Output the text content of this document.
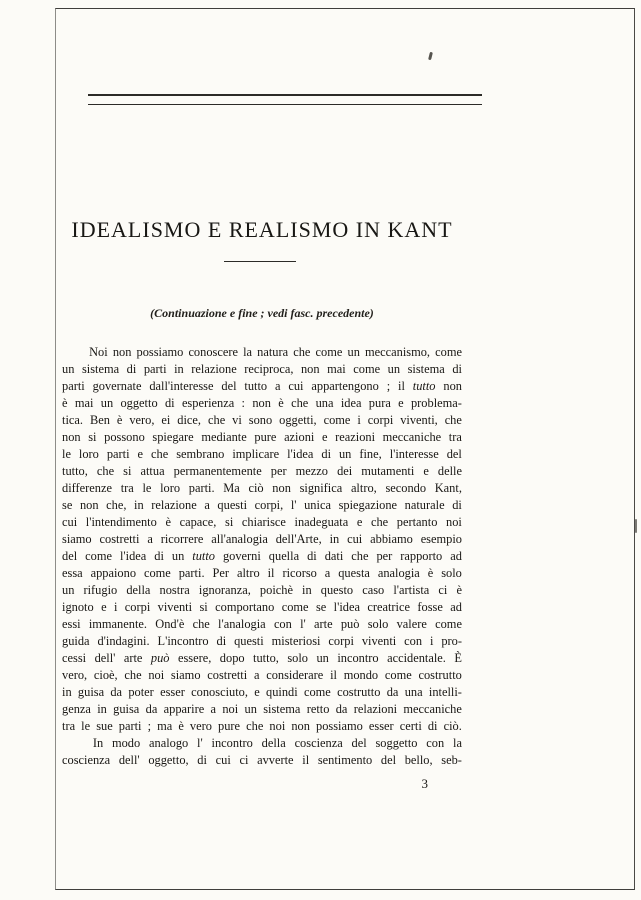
IDEALISMO E REALISMO IN KANT
(Continuazione e fine ; vedi fasc. precedente)
Noi non possiamo conoscere la natura che come un meccanismo, come
un sistema di parti in relazione reciproca, non mai come un sistema di
parti governate dall'interesse del tutto a cui appartengono ; il tutto non
è mai un oggetto di esperienza : non è che una idea pura e problema-
tica. Ben è vero, ei dice, che vi sono oggetti, come i corpi viventi, che
non si possono spiegare mediante pure azioni e reazioni meccaniche tra
le loro parti e che sembrano implicare l'idea di un fine, l'interesse del
tutto, che si attua permanentemente per mezzo dei mutamenti e delle
differenze tra le loro parti. Ma ciò non significa altro, secondo Kant,
se non che, in relazione a questi corpi, l' unica spiegazione naturale di
cui l'intendimento è capace, si chiarisce inadeguata e che pertanto noi
siamo costretti a ricorrere all'analogia dell'Arte, in cui abbiamo esempio
del come l'idea di un tutto governi quella di dati che per rapporto ad
essa appaiono come parti. Per altro il ricorso a questa analogia è solo
un rifugio della nostra ignoranza, poichè in questo caso l'artista ci è
ignoto e i corpi viventi si comportano come se l'idea creatrice fosse ad
essi immanente. Ond'è che l'analogia con l' arte può solo valere come
guida d'indagini. L'incontro di questi misteriosi corpi viventi con i pro-
cessi dell' arte può essere, dopo tutto, solo un incontro accidentale. È
vero, cioè, che noi siamo costretti a considerare il mondo come costrutto
in guisa da poter esser conosciuto, e quindi come costrutto da una intelli-
genza in guisa da apparire a noi un sistema retto da relazioni meccaniche
tra le sue parti ; ma è vero pure che noi non possiamo esser certi di ciò.
In modo analogo l' incontro della coscienza del soggetto con la
coscienza dell' oggetto, di cui ci avverte il sentimento del bello, seb-
3
